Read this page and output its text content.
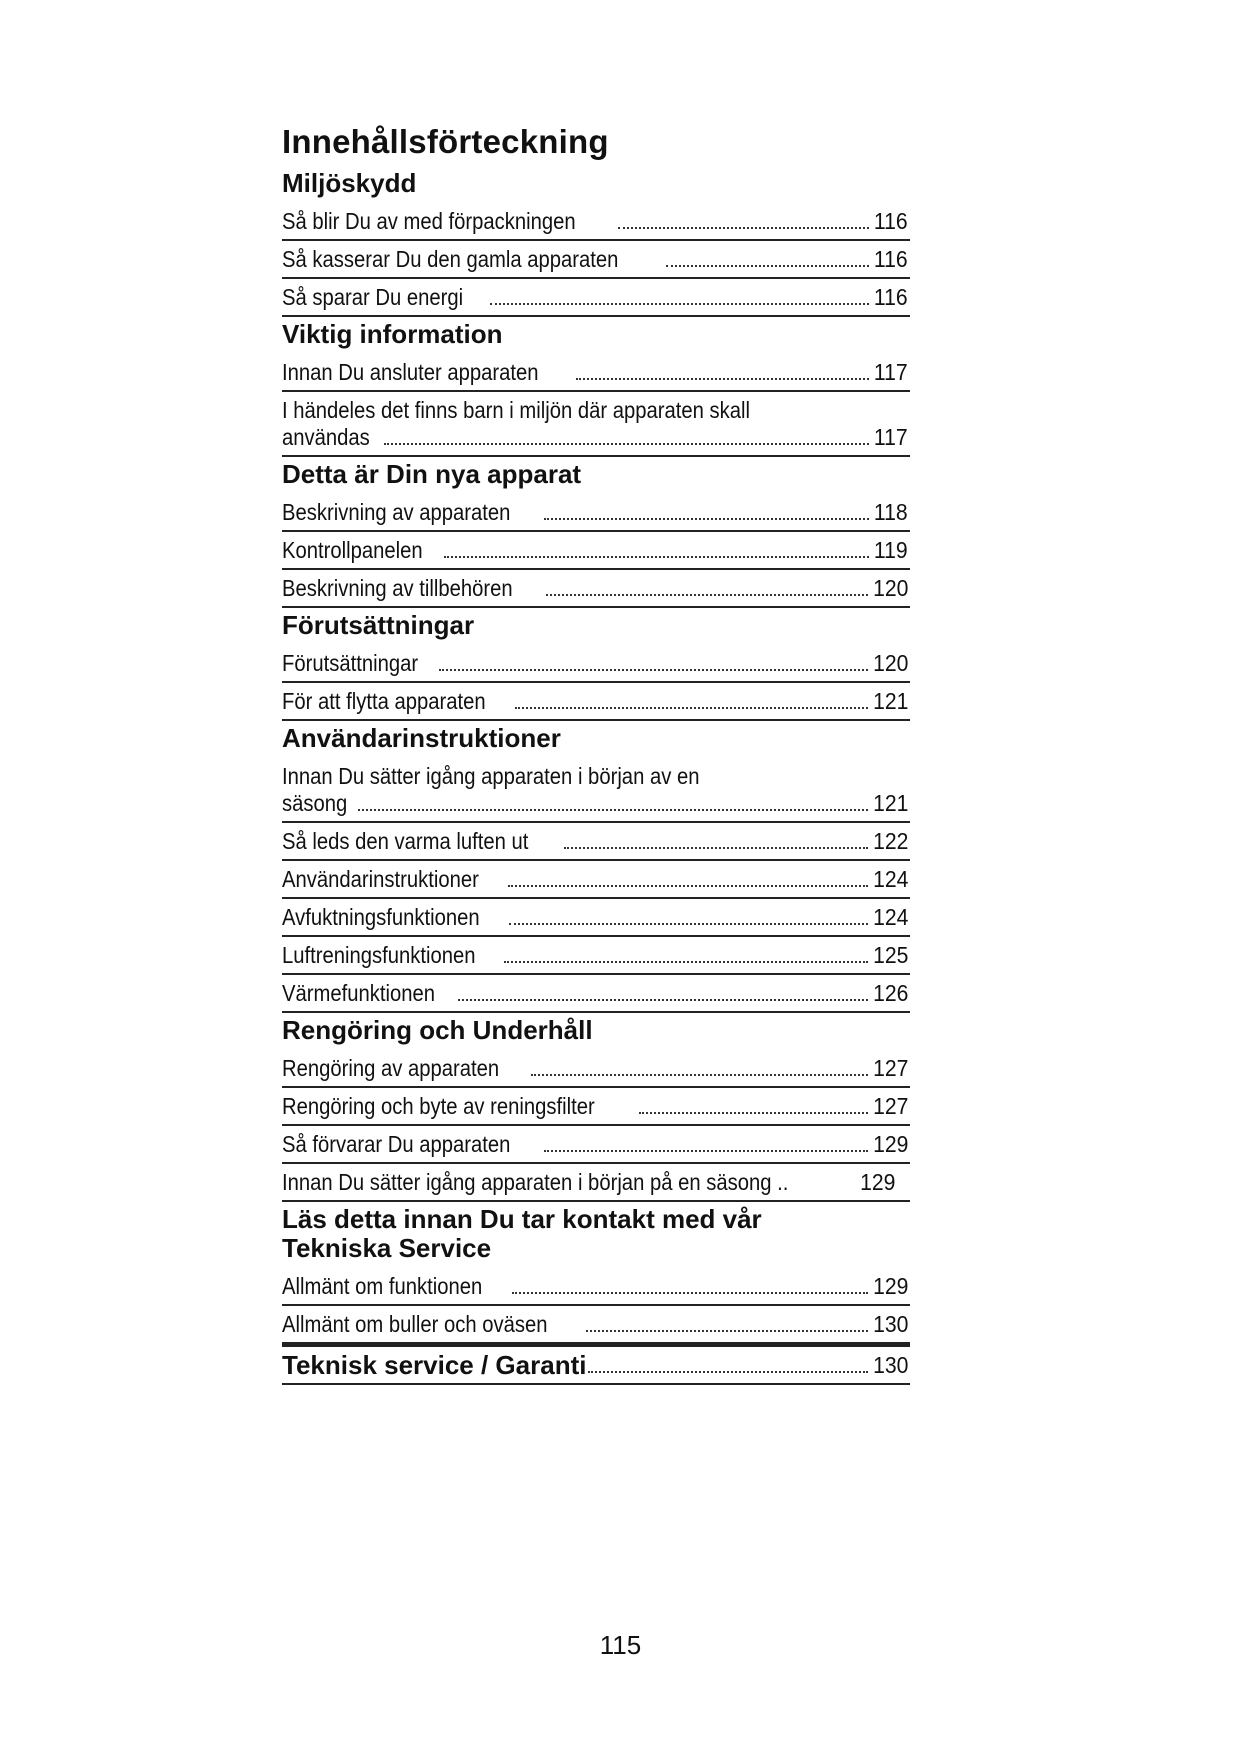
Innehållsförteckning
Miljöskydd
Så blir Du av med förpackningen	116
Så kasserar Du den gamla apparaten	116
Så sparar Du energi	116
Viktig information
Innan Du ansluter apparaten	117
I händeles det finns barn i miljön där apparaten skall
användas	117
Detta är Din nya apparat
Beskrivning av apparaten	118
Kontrollpanelen	119
Beskrivning av tillbehören	120
Förutsättningar
Förutsättningar	120
För att flytta apparaten	121
Användarinstruktioner
Innan Du sätter igång apparaten i början av en
säsong	121
Så leds den varma luften ut	122
Användarinstruktioner	124
Avfuktningsfunktionen	124
Luftreningsfunktionen	125
Värmefunktionen	126
Rengöring och Underhåll
Rengöring av apparaten	127
Rengöring och byte av reningsfilter	127
Så förvarar Du apparaten	129
Innan Du sätter igång apparaten i början på en säsong ..	129
Läs detta innan Du tar kontakt med vår
Tekniska Service
Allmänt om funktionen	129
Allmänt om buller och oväsen	130
Teknisk service / Garanti	130
115
